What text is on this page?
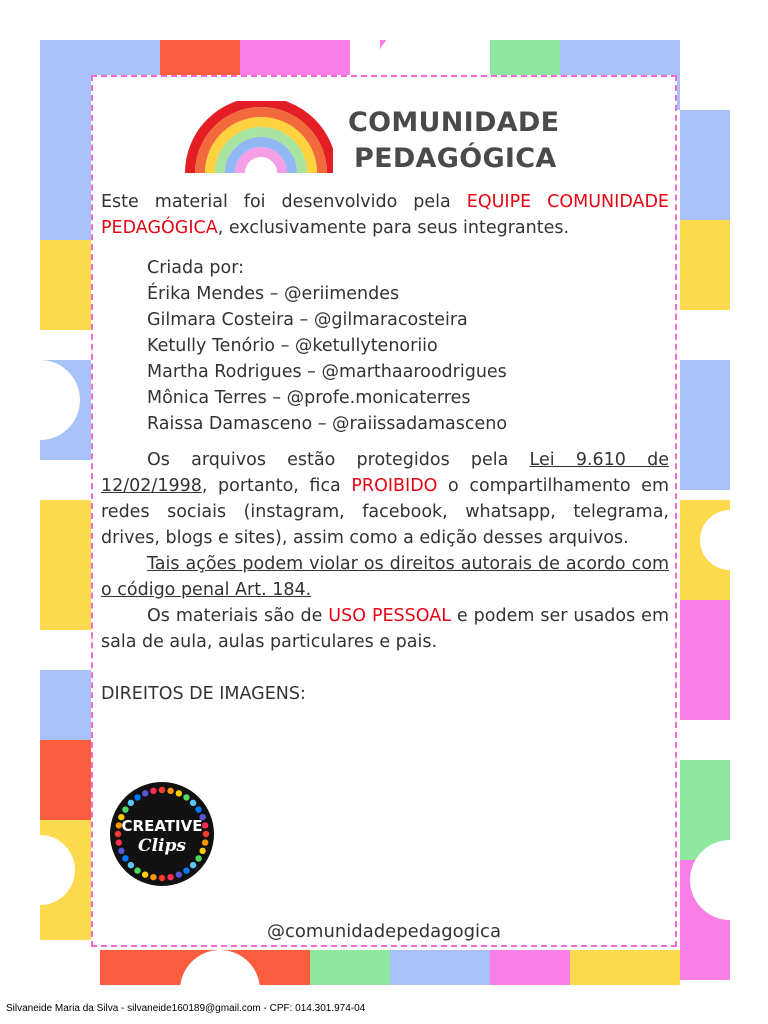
COMUNIDADE
PEDAGÓGICA

Este material foi desenvolvido pela EQUIPE COMUNIDADE PEDAGÓGICA, exclusivamente para seus integrantes.

Criada por:
Érika Mendes – @eriimendes
Gilmara Costeira – @gilmaracosteira
Ketully Tenório – @ketullytenoriio
Martha Rodrigues – @marthaaroodrigues
Mônica Terres – @profe.monicaterres
Raissa Damasceno – @raiissadamasceno

Os arquivos estão protegidos pela Lei 9.610 de 12/02/1998, portanto, fica PROIBIDO o compartilhamento em redes sociais (instagram, facebook, whatsapp, telegrama, drives, blogs e sites), assim como a edição desses arquivos.

Tais ações podem violar os direitos autorais de acordo com o código penal Art. 184.

Os materiais são de USO PESSOAL e podem ser usados em sala de aula, aulas particulares e pais.

DIREITOS DE IMAGENS:
CREATIVE
Clips
@comunidadepedagogica
Silvaneide Maria da Silva - silvaneide160189@gmail.com - CPF: 014.301.974-04
